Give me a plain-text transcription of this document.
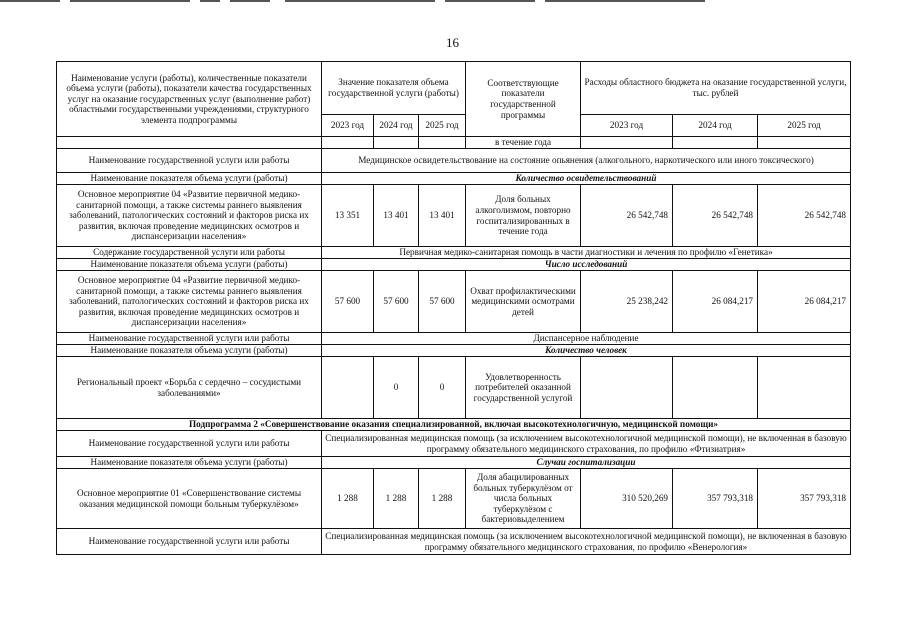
16
Наименование услуги (работы), количественные показатели объема услуги (работы), показатели качества государственных услуг на оказание государственных услуг (выполнение работ) областными государственными учреждениями, структурного элемента подпрограммы	Значение показателя объема государственной услуги (работы)			Соответствующие показатели государственной программы	Расходы областного бюджета на оказание государственной услуги, тыс. рублей		
	2023 год	2024 год	2025 год		2023 год	2024 год	2025 год
				в течение года			
Наименование государственной услуги или работы	Медицинское освидетельствование на состояние опьянения (алкогольного, наркотического или иного токсического)						
Наименование показателя объема услуги (работы)	Количество освидетельствований						
Основное мероприятие 04 «Развитие первичной медико-санитарной помощи, а также системы раннего выявления заболеваний, патологических состояний и факторов риска их развития, включая проведение медицинских осмотров и диспансеризации населения»	13 351	13 401	13 401	Доля больных алкоголизмом, повторно госпитализированных в течение года	26 542,748	26 542,748	26 542,748
Содержание государственной услуги или работы	Первичная медико-санитарная помощь в части диагностики и лечения по профилю «Генетика»						
Наименование показателя объема услуги (работы)	Число исследований						
Основное мероприятие 04 «Развитие первичной медико-санитарной помощи, а также системы раннего выявления заболеваний, патологических состояний и факторов риска их развития, включая проведение медицинских осмотров и диспансеризации населения»	57 600	57 600	57 600	Охват профилактическими медицинскими осмотрами детей	25 238,242	26 084,217	26 084,217
Наименование государственной услуги или работы	Диспансерное наблюдение						
Наименование показателя объема услуги (работы)	Количество человек						
Региональный проект «Борьба с сердечно – сосудистыми заболеваниями»		0	0	Удовлетворенность потребителей оказанной государственной услугой			
Подпрограмма 2 «Совершенствование оказания специализированной, включая высокотехнологичную, медицинской помощи»							
Наименование государственной услуги или работы	Специализированная медицинская помощь (за исключением высокотехнологичной медицинской помощи), не включенная в базовую программу обязательного медицинского страхования, по профилю «Фтизиатрия»						
Наименование показателя объема услуги (работы)	Случаи госпитализации						
Основное мероприятие 01 «Совершенствование системы оказания медицинской помощи больным туберкулёзом»	1 288	1 288	1 288	Доля абацилированных больных туберкулёзом от числа больных туберкулёзом с бактериовыделением	310 520,269	357 793,318	357 793,318
Наименование государственной услуги или работы	Специализированная медицинская помощь (за исключением высокотехнологичной медицинской помощи), не включенная в базовую программу обязательного медицинского страхования, по профилю «Венерология»						
